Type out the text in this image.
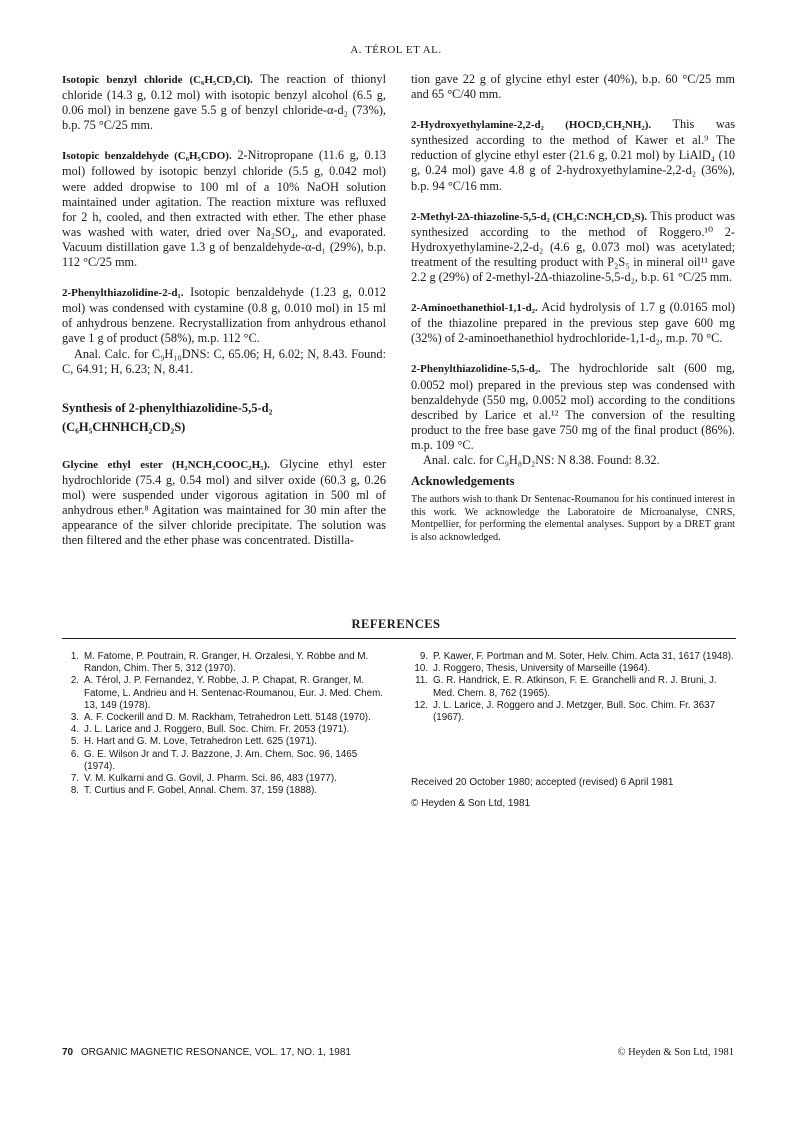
A. TÉROL ET AL.

Isotopic benzyl chloride (C₆H₅CD₂Cl). The reaction of thionyl chloride (14.3 g, 0.12 mol) with isotopic benzyl alcohol (6.5 g, 0.06 mol) in benzene gave 5.5 g of benzyl chloride-α-d₂ (73%), b.p. 75 °C/25 mm.

Isotopic benzaldehyde (C₆H₅CDO). 2-Nitropropane (11.6 g, 0.13 mol) followed by isotopic benzyl chloride (5.5 g, 0.042 mol) were added dropwise to 100 ml of a 10% NaOH solution maintained under agitation. The reaction mixture was refluxed for 2 h, cooled, and then extracted with ether. The ether phase was washed with water, dried over Na₂SO₄, and evaporated. Vacuum distillation gave 1.3 g of benzaldehyde-α-d₁ (29%), b.p. 112 °C/25 mm.

2-Phenylthiazolidine-2-d₁. Isotopic benzaldehyde (1.23 g, 0.012 mol) was condensed with cystamine (0.8 g, 0.010 mol) in 15 ml of anhydrous benzene. Recrystallization from anhydrous ethanol gave 1 g of product (58%), m.p. 112 °C.

Anal. Calc. for C₉H₁₀DNS: C, 65.06; H, 6.02; N, 8.43. Found: C, 64.91; H, 6.23; N, 8.41.

Synthesis of 2-phenylthiazolidine-5,5-d₂
(C₆H₅CHNHCH₂CD₂S)

Glycine ethyl ester (H₂NCH₂COOC₂H₅). Glycine ethyl ester hydrochloride (75.4 g, 0.54 mol) and silver oxide (60.3 g, 0.26 mol) were suspended under vigorous agitation in 500 ml of anhydrous ether.⁸ Agitation was maintained for 30 min after the appearance of the silver chloride precipitate. The solution was then filtered and the ether phase was concentrated. Distilla-

tion gave 22 g of glycine ethyl ester (40%), b.p. 60 °C/25 mm and 65 °C/40 mm.

2-Hydroxyethylamine-2,2-d₂ (HOCD₂CH₂NH₂). This was synthesized according to the method of Kawer et al.⁹ The reduction of glycine ethyl ester (21.6 g, 0.21 mol) by LiAlD₄ (10 g, 0.24 mol) gave 4.8 g of 2-hydroxyethylamine-2,2-d₂ (36%), b.p. 94 °C/16 mm.

2-Methyl-2Δ-thiazoline-5,5-d₂ (CH₃C:NCH₂CD₂S). This product was synthesized according to the method of Roggero.¹⁰ 2-Hydroxyethylamine-2,2-d₂ (4.6 g, 0.073 mol) was acetylated; treatment of the resulting product with P₂S₅ in mineral oil¹¹ gave 2.2 g (29%) of 2-methyl-2Δ-thiazoline-5,5-d₂, b.p. 61 °C/25 mm.

2-Aminoethanethiol-1,1-d₂. Acid hydrolysis of 1.7 g (0.0165 mol) of the thiazoline prepared in the previous step gave 600 mg (32%) of 2-aminoethanethiol hydrochloride-1,1-d₂, m.p. 70 °C.

2-Phenylthiazolidine-5,5-d₂. The hydrochloride salt (600 mg, 0.0052 mol) prepared in the previous step was condensed with benzaldehyde (550 mg, 0.0052 mol) according to the conditions described by Larice et al.¹² The conversion of the resulting product to the free base gave 750 mg of the final product (86%). m.p. 109 °C.

Anal. calc. for C₉H₈D₂NS: N 8.38. Found: 8.32.

Acknowledgements
The authors wish to thank Dr Sentenac-Roumanou for his continued interest in this work. We acknowledge the Laboratoire de Microanalyse, CNRS, Montpellier, for performing the elemental analyses. Support by a DRET grant is also acknowledged.
REFERENCES
1. M. Fatome, P. Poutrain, R. Granger, H. Orzalesi, Y. Robbe and M. Randon, Chim. Ther 5, 312 (1970).
2. A. Térol, J. P. Fernandez, Y. Robbe, J. P. Chapat, R. Granger, M. Fatome, L. Andrieu and H. Sentenac-Roumanou, Eur. J. Med. Chem. 13, 149 (1978).
3. A. F. Cockerill and D. M. Rackham, Tetrahedron Lett. 5148 (1970).
4. J. L. Larice and J. Roggero, Bull. Soc. Chim. Fr. 2053 (1971).
5. H. Hart and G. M. Love, Tetrahedron Lett. 625 (1971).
6. G. E. Wilson Jr and T. J. Bazzone, J. Am. Chem. Soc. 96, 1465 (1974).
7. V. M. Kulkarni and G. Govil, J. Pharm. Sci. 86, 483 (1977).
8. T. Curtius and F. Gobel, Annal. Chem. 37, 159 (1888).
9. P. Kawer, F. Portman and M. Soter, Helv. Chim. Acta 31, 1617 (1948).
10. J. Roggero, Thesis, University of Marseille (1964).
11. G. R. Handrick, E. R. Atkinson, F. E. Granchelli and R. J. Bruni, J. Med. Chem. 8, 762 (1965).
12. J. L. Larice, J. Roggero and J. Metzger, Bull. Soc. Chim. Fr. 3637 (1967).
Received 20 October 1980; accepted (revised) 6 April 1981
© Heyden & Son Ltd, 1981
70 ORGANIC MAGNETIC RESONANCE, VOL. 17, NO. 1, 1981	© Heyden & Son Ltd, 1981
